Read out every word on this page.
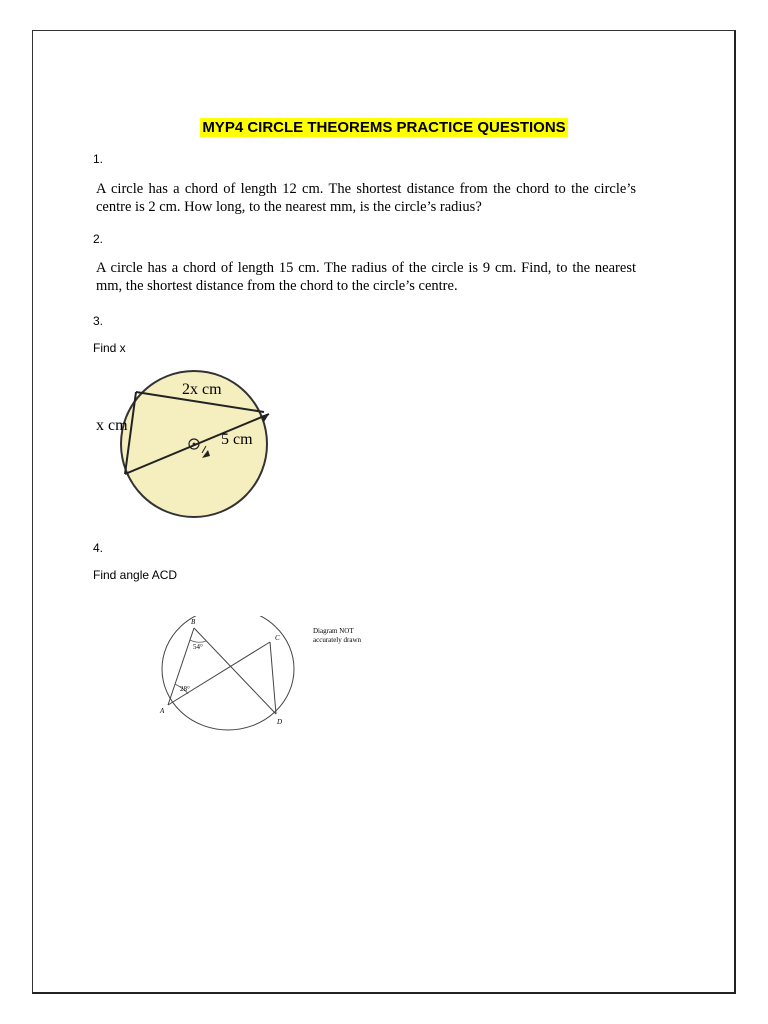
MYP4 CIRCLE THEOREMS PRACTICE QUESTIONS
1.
A circle has a chord of length 12 cm. The shortest distance from the chord to the circle’s centre is 2 cm. How long, to the nearest mm, is the circle’s radius?
2.
A circle has a chord of length 15 cm. The radius of the circle is 9 cm. Find, to the nearest mm, the shortest distance from the chord to the circle’s centre.
3.
Find x
2x cm
x cm
5 cm
4.
Find angle ACD
B
C
A
D
54°
28°
Diagram NOT
accurately drawn
